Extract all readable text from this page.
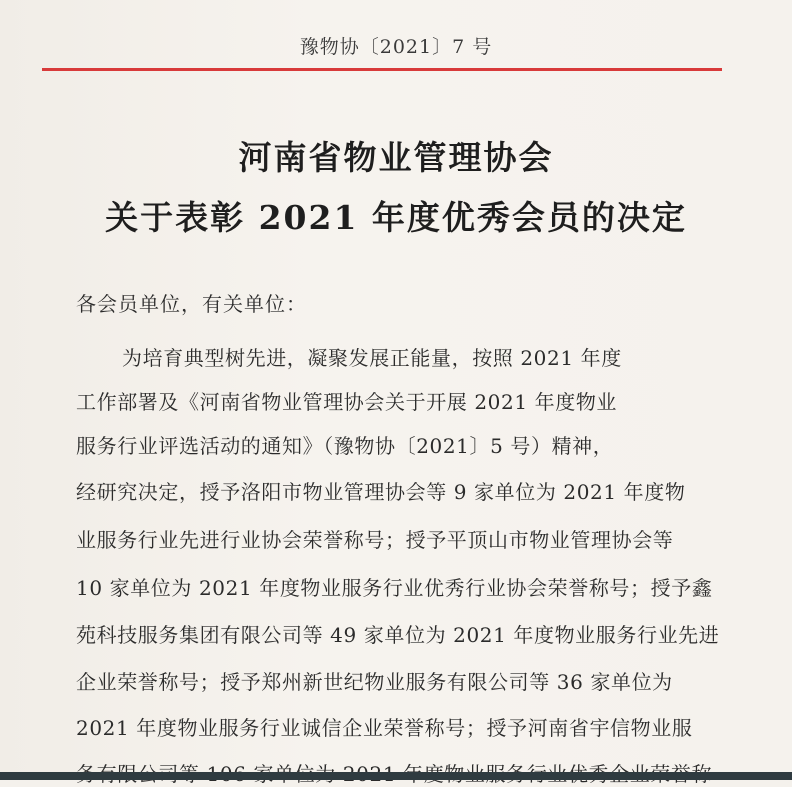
豫物协〔2021〕7 号
河南省物业管理协会
关于表彰 2021 年度优秀会员的决定
各会员单位，有关单位：
为培育典型树先进，凝聚发展正能量，按照 2021 年度
工作部署及《河南省物业管理协会关于开展 2021 年度物业
服务行业评选活动的通知》（豫物协〔2021〕5 号）精神，
经研究决定，授予洛阳市物业管理协会等 9 家单位为 2021 年度物
业服务行业先进行业协会荣誉称号；授予平顶山市物业管理协会等
10 家单位为 2021 年度物业服务行业优秀行业协会荣誉称号；授予鑫
苑科技服务集团有限公司等 49 家单位为 2021 年度物业服务行业先进
企业荣誉称号；授予郑州新世纪物业服务有限公司等 36 家单位为
2021 年度物业服务行业诚信企业荣誉称号；授予河南省宇信物业服
